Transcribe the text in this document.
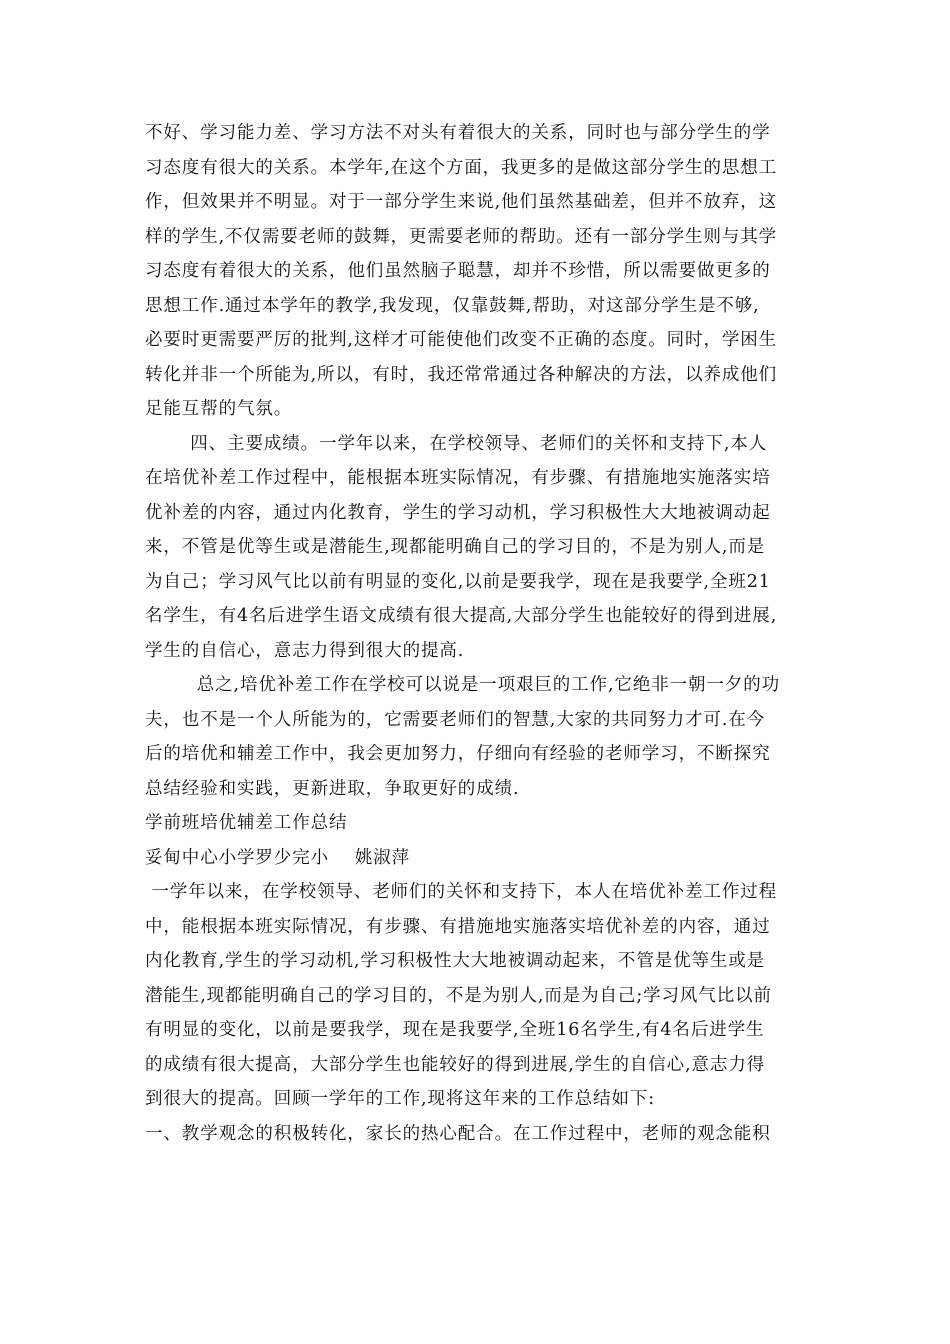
不好、学习能力差、学习方法不对头有着很大的关系，同时也与部分学生的学
习态度有很大的关系。本学年,在这个方面，我更多的是做这部分学生的思想工
作，但效果并不明显。对于一部分学生来说,他们虽然基础差，但并不放弃，这
样的学生,不仅需要老师的鼓舞，更需要老师的帮助。还有一部分学生则与其学
习态度有着很大的关系，他们虽然脑子聪慧，却并不珍惜，所以需要做更多的
思想工作.通过本学年的教学,我发现，仅靠鼓舞,帮助，对这部分学生是不够,
必要时更需要严厉的批判,这样才可能使他们改变不正确的态度。同时，学困生
转化并非一个所能为,所以，有时，我还常常通过各种解决的方法，以养成他们
足能互帮的气氛。
四、主要成绩。一学年以来，在学校领导、老师们的关怀和支持下,本人
在培优补差工作过程中，能根据本班实际情况，有步骤、有措施地实施落实培
优补差的内容，通过内化教育，学生的学习动机，学习积极性大大地被调动起
来，不管是优等生或是潜能生,现都能明确自己的学习目的，不是为别人,而是
为自己；学习风气比以前有明显的变化,以前是要我学，现在是我要学,全班21
名学生，有4名后进学生语文成绩有很大提高,大部分学生也能较好的得到进展,
学生的自信心，意志力得到很大的提高.
总之,培优补差工作在学校可以说是一项艰巨的工作,它绝非一朝一夕的功
夫，也不是一个人所能为的，它需要老师们的智慧,大家的共同努力才可.在今
后的培优和辅差工作中，我会更加努力，仔细向有经验的老师学习，不断探究
总结经验和实践，更新进取，争取更好的成绩.
学前班培优辅差工作总结
妥甸中心小学罗少完小    姚淑萍
一学年以来，在学校领导、老师们的关怀和支持下，本人在培优补差工作过程
中，能根据本班实际情况，有步骤、有措施地实施落实培优补差的内容，通过
内化教育,学生的学习动机,学习积极性大大地被调动起来，不管是优等生或是
潜能生,现都能明确自己的学习目的，不是为别人,而是为自己;学习风气比以前
有明显的变化，以前是要我学，现在是我要学,全班16名学生,有4名后进学生
的成绩有很大提高，大部分学生也能较好的得到进展,学生的自信心,意志力得
到很大的提高。回顾一学年的工作,现将这年来的工作总结如下:
一、教学观念的积极转化，家长的热心配合。在工作过程中，老师的观念能积
